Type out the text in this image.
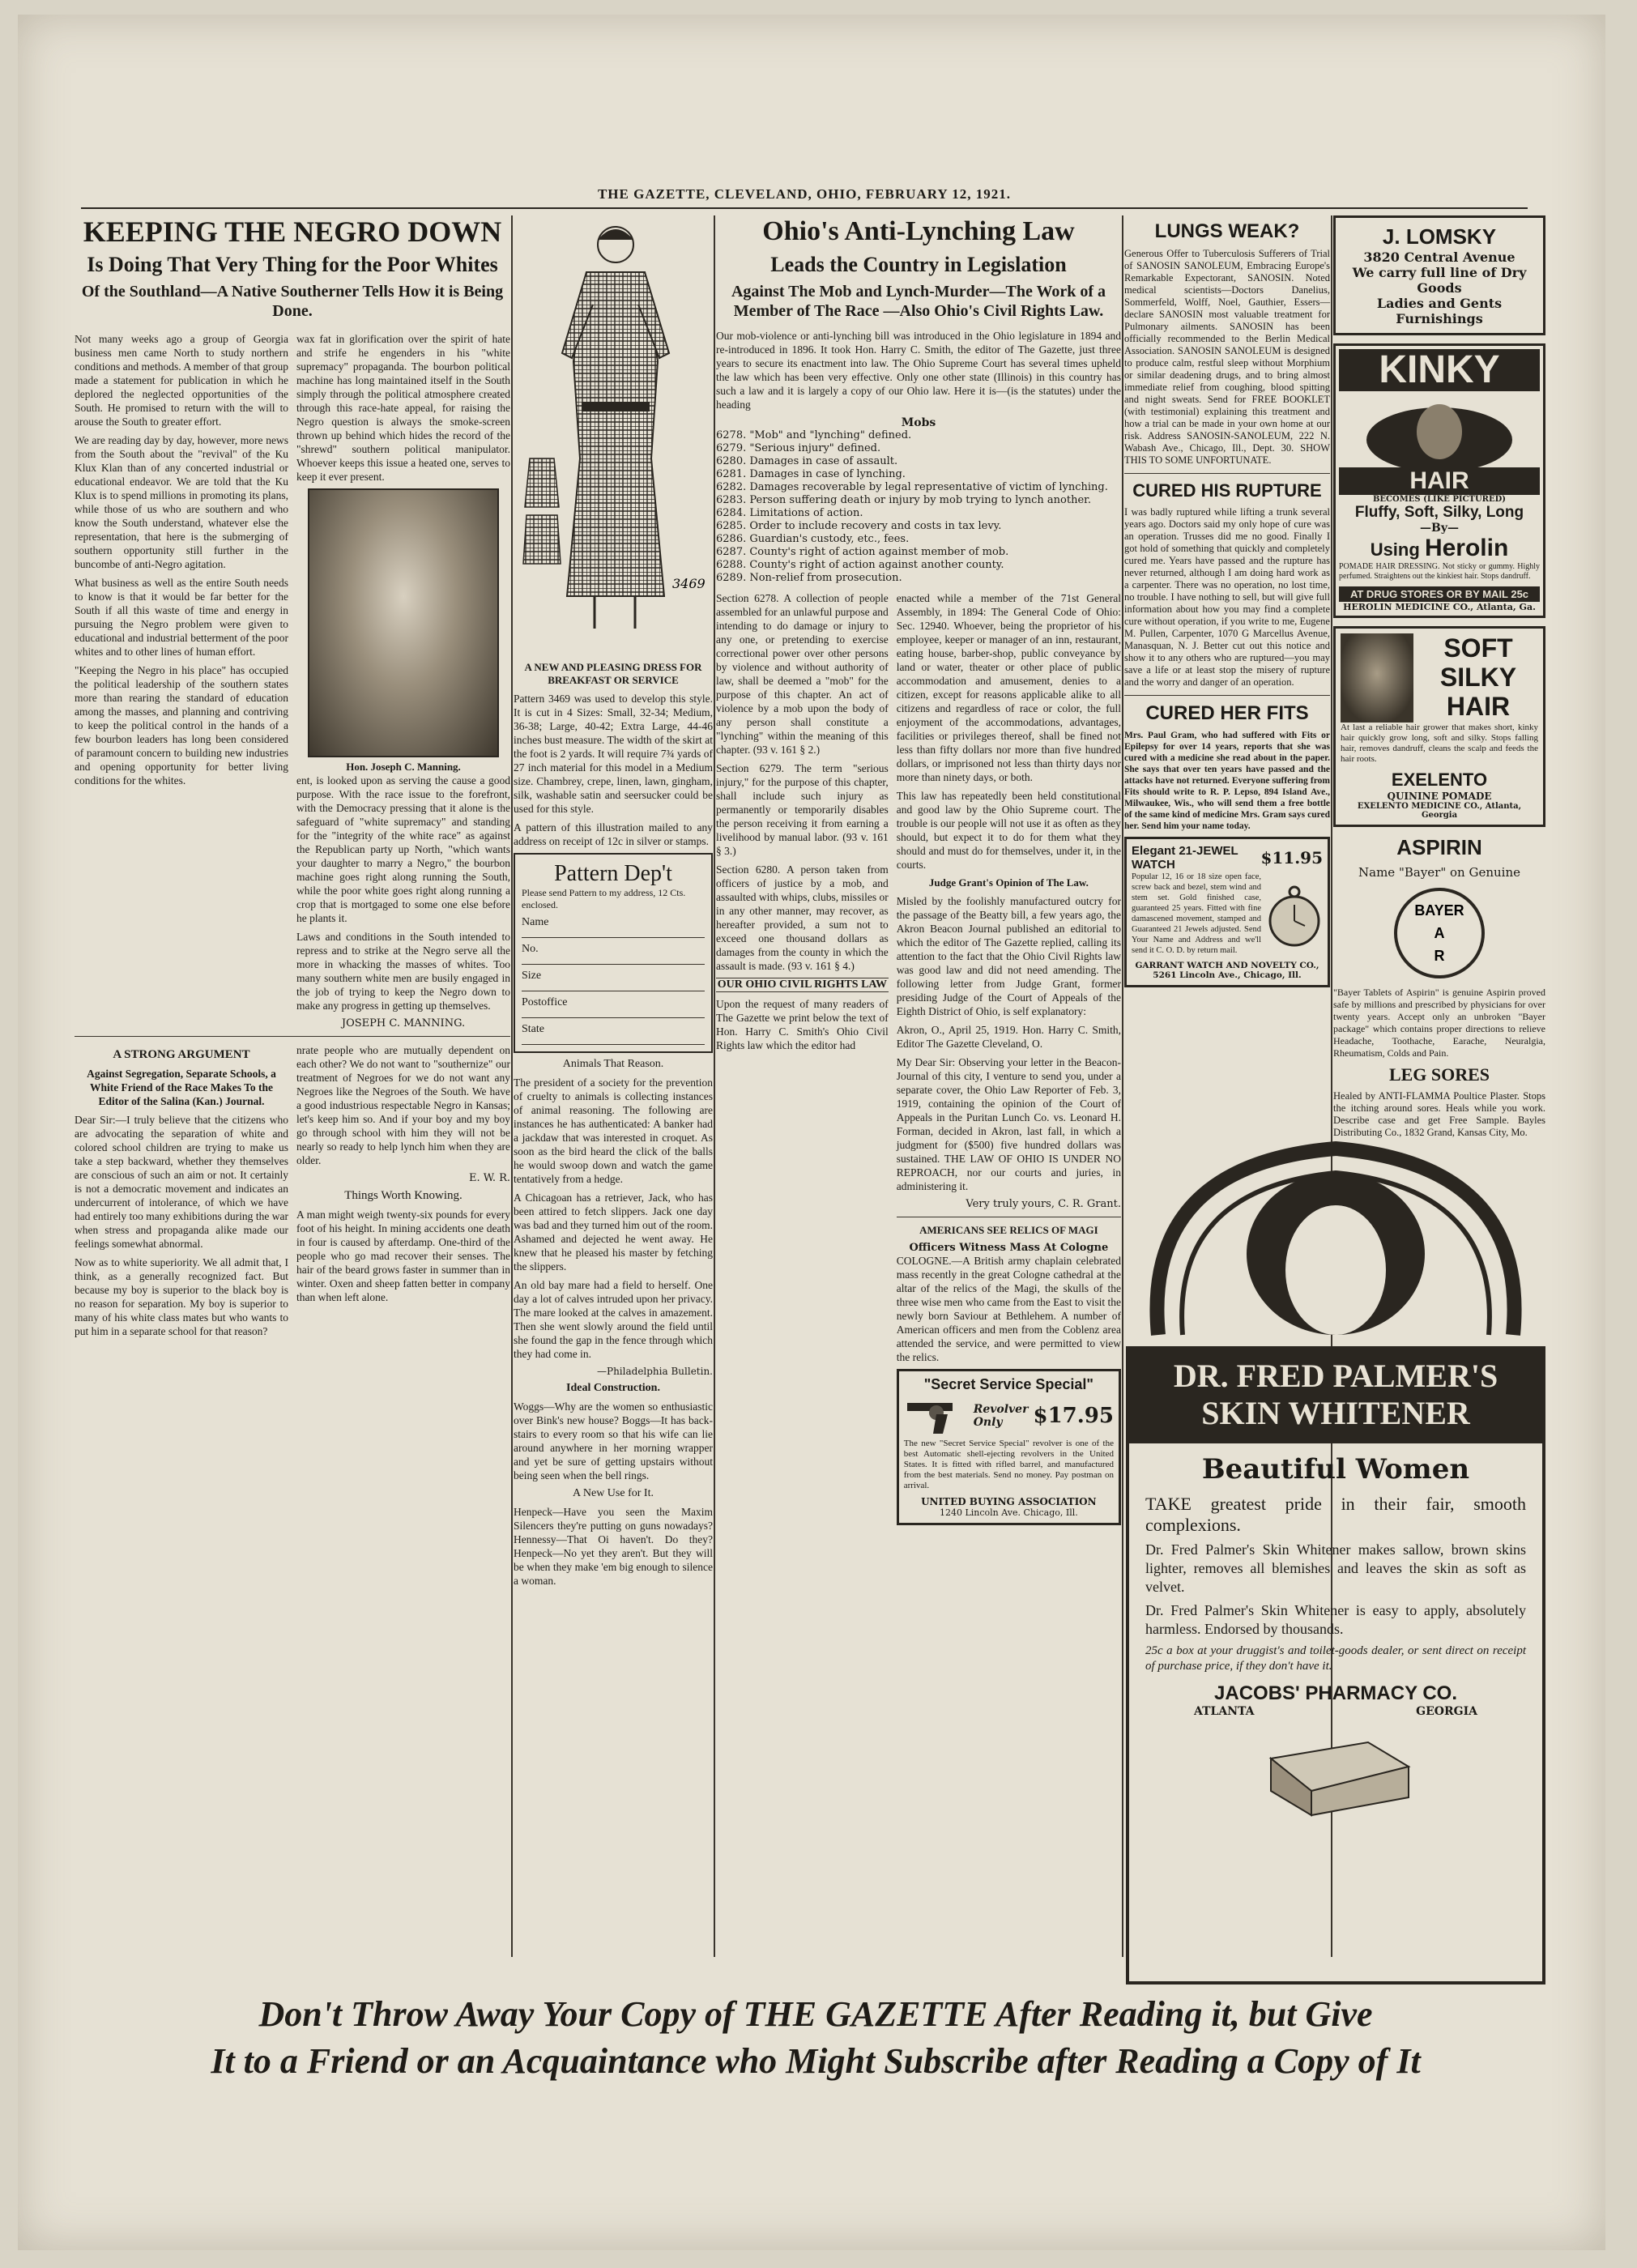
THE GAZETTE, CLEVELAND, OHIO, FEBRUARY 12, 1921.
KEEPING THE NEGRO DOWN
Is Doing That Very Thing for the Poor Whites
Of the Southland—A Native Southerner Tells How it is Being Done.

Not many weeks ago a group of Georgia business men came North to study northern conditions and methods. A member of that group made a statement for publication in which he deplored the neglected opportunities of the South. He promised to return with the will to arouse the South to greater effort.

We are reading day by day, however, more news from the South about the "revival" of the Ku Klux Klan than of any concerted industrial or educational endeavor. We are told that the Ku Klux is to spend millions in promoting its plans, while those of us who are southern and who know the South understand, whatever else the representation, that here is the submerging of southern opportunity still further in the buncombe of anti-Negro agitation.

What business as well as the entire South needs to know is that it would be far better for the South if all this waste of time and energy in pursuing the Negro problem were given to educational and industrial betterment of the poor whites and to other lines of human effort.

"Keeping the Negro in his place" has occupied the political leadership of the southern states more than rearing the standard of education among the masses, and planning and contriving to keep the political control in the hands of a few bourbon leaders has long been considered of paramount concern to building new industries and opening opportunity for better living conditions for the whites.

wax fat in glorification over the spirit of hate and strife he engenders in his "white supremacy" propaganda. The bourbon political machine has long maintained itself in the South simply through the political atmosphere created through this race-hate appeal, for raising the Negro question is always the smoke-screen thrown up behind which hides the record of the "shrewd" southern political manipulator. Whoever keeps this issue a heated one, serves to keep it ever present.

Hon. Joseph C. Manning.

ent, is looked upon as serving the cause a good purpose. With the race issue to the forefront, with the Democracy pressing that it alone is the safeguard of "white supremacy" and standing for the "integrity of the white race" as against the Republican party up North, "which wants your daughter to marry a Negro," the bourbon machine goes right along running the South, while the poor white goes right along running a crop that is mortgaged to some one else before he plants it.

Laws and conditions in the South intended to repress and to strike at the Negro serve all the more in whacking the masses of whites. Too many southern white men are busily engaged in the job of trying to keep the Negro down to make any progress in getting up themselves.

JOSEPH C. MANNING.
A STRONG ARGUMENT

Against Segregation, Separate Schools, a White Friend of the Race Makes To the Editor of the Salina (Kan.) Journal.

Dear Sir:—I truly believe that the citizens who are advocating the separation of white and colored school children are trying to make us take a step backward, whether they themselves are conscious of such an aim or not. It certainly is not a democratic movement and indicates an undercurrent of intolerance, of which we have had entirely too many exhibitions during the war when stress and propaganda alike made our feelings somewhat abnormal.

Now as to white superiority. We all admit that, I think, as a generally recognized fact. But because my boy is superior to the black boy is no reason for separation. My boy is superior to many of his white class mates but who wants to put him in a separate school for that reason?

nrate people who are mutually dependent on each other? We do not want to "southernize" our treatment of Negroes for we do not want any Negroes like the Negroes of the South. We have a good industrious respectable Negro in Kansas; let's keep him so. And if your boy and my boy go through school with him they will not be nearly so ready to help lynch him when they are older.

E. W. R.
Things Worth Knowing.

A man might weigh twenty-six pounds for every foot of his height. In mining accidents one death in four is caused by afterdamp. One-third of the people who go mad recover their senses. The hair of the beard grows faster in summer than in winter. Oxen and sheep fatten better in company than when left alone.

3469
A NEW AND PLEASING DRESS FOR BREAKFAST OR SERVICE

Pattern 3469 was used to develop this style. It is cut in 4 Sizes: Small, 32-34; Medium, 36-38; Large, 40-42; Extra Large, 44-46 inches bust measure. The width of the skirt at the foot is 2 yards. It will require 7¾ yards of 27 inch material for this model in a Medium size. Chambrey, crepe, linen, lawn, gingham, silk, washable satin and seersucker could be used for this style.

A pattern of this illustration mailed to any address on receipt of 12c in silver or stamps.

Pattern Dep't
Please send Pattern to my address, 12 Cts. enclosed.
Name
No.
Size
Postoffice
State
Animals That Reason.

The president of a society for the prevention of cruelty to animals is collecting instances of animal reasoning. The following are instances he has authenticated: A banker had a jackdaw that was interested in croquet. As soon as the bird heard the click of the balls he would swoop down and watch the game tentatively from a hedge.

A Chicagoan has a retriever, Jack, who has been attired to fetch slippers. Jack one day was bad and they turned him out of the room. Ashamed and dejected he went away. He knew that he pleased his master by fetching the slippers.

An old bay mare had a field to herself. One day a lot of calves intruded upon her privacy. The mare looked at the calves in amazement. Then she went slowly around the field until she found the gap in the fence through which they had come in.

—Philadelphia Bulletin.
Ideal Construction.

Woggs—Why are the women so enthusiastic over Bink's new house? Boggs—It has back-stairs to every room so that his wife can lie around anywhere in her morning wrapper and yet be sure of getting upstairs without being seen when the bell rings.

A New Use for It.

Henpeck—Have you seen the Maxim Silencers they're putting on guns nowadays? Hennessy—That Oi haven't. Do they? Henpeck—No yet they aren't. But they will be when they make 'em big enough to silence a woman.

Ohio's Anti-Lynching Law
Leads the Country in Legislation
Against The Mob and Lynch-Murder—The Work of a Member of The Race —Also Ohio's Civil Rights Law.

Our mob-violence or anti-lynching bill was introduced in the Ohio legislature in 1894 and re-introduced in 1896. It took Hon. Harry C. Smith, the editor of The Gazette, just three years to secure its enactment into law. The Ohio Supreme Court has several times upheld the law which has been very effective. Only one other state (Illinois) in this country has such a law and it is largely a copy of our Ohio law. Here it is—(is the statutes) under the heading

Mobs
6278. "Mob" and "lynching" defined.
6279. "Serious injury" defined.
6280. Damages in case of assault.
6281. Damages in case of lynching.
6282. Damages recoverable by legal representative of victim of lynching.
6283. Person suffering death or injury by mob trying to lynch another.
6284. Limitations of action.
6285. Order to include recovery and costs in tax levy.
6286. Guardian's custody, etc., fees.
6287. County's right of action against member of mob.
6288. County's right of action against another county.
6289. Non-relief from prosecution.

Section 6278. A collection of people assembled for an unlawful purpose and intending to do damage or injury to any one, or pretending to exercise correctional power over other persons by violence and without authority of law, shall be deemed a "mob" for the purpose of this chapter. An act of violence by a mob upon the body of any person shall constitute a "lynching" within the meaning of this chapter. (93 v. 161 § 2.)

Section 6279. The term "serious injury," for the purpose of this chapter, shall include such injury as permanently or temporarily disables the person receiving it from earning a livelihood by manual labor. (93 v. 161 § 3.)

Section 6280. A person taken from officers of justice by a mob, and assaulted with whips, clubs, missiles or in any other manner, may recover, as hereafter provided, a sum not to exceed one thousand dollars as damages from the county in which the assault is made. (93 v. 161 § 4.)

OUR OHIO CIVIL RIGHTS LAW

Upon the request of many readers of The Gazette we print below the text of Hon. Harry C. Smith's Ohio Civil Rights law which the editor had

enacted while a member of the 71st General Assembly, in 1894: The General Code of Ohio: Sec. 12940. Whoever, being the proprietor of his employee, keeper or manager of an inn, restaurant, eating house, barber-shop, public conveyance by land or water, theater or other place of public accommodation and amusement, denies to a citizen, except for reasons applicable alike to all citizens and regardless of race or color, the full enjoyment of the accommodations, advantages, facilities or privileges thereof, shall be fined not less than fifty dollars nor more than five hundred dollars, or imprisoned not less than thirty days nor more than ninety days, or both.

This law has repeatedly been held constitutional and good law by the Ohio Supreme court. The trouble is our people will not use it as often as they should, but expect it to do for them what they should and must do for themselves, under it, in the courts.

Judge Grant's Opinion of The Law.

Misled by the foolishly manufactured outcry for the passage of the Beatty bill, a few years ago, the Akron Beacon Journal published an editorial to which the editor of The Gazette replied, calling its attention to the fact that the Ohio Civil Rights law was good law and did not need amending. The following letter from Judge Grant, former presiding Judge of the Court of Appeals of the Eighth District of Ohio, is self explanatory:

Akron, O., April 25, 1919. Hon. Harry C. Smith, Editor The Gazette Cleveland, O.

My Dear Sir: Observing your letter in the Beacon-Journal of this city, I venture to send you, under a separate cover, the Ohio Law Reporter of Feb. 3, 1919, containing the opinion of the Court of Appeals in the Puritan Lunch Co. vs. Leonard H. Forman, decided in Akron, last fall, in which a judgment for ($500) five hundred dollars was sustained. THE LAW OF OHIO IS UNDER NO REPROACH, nor our courts and juries, in administering it.

Very truly yours, C. R. Grant.
AMERICANS SEE RELICS OF MAGI
Officers Witness Mass At Cologne

COLOGNE.—A British army chaplain celebrated mass recently in the great Cologne cathedral at the altar of the relics of the Magi, the skulls of the three wise men who came from the East to visit the newly born Saviour at Bethlehem. A number of American officers and men from the Coblenz area attended the service, and were permitted to view the relics.

"Secret Service Special"
Revolver Only	$17.95

The new "Secret Service Special" revolver is one of the best Automatic shell-ejecting revolvers in the United States. It is fitted with rifled barrel, and manufactured from the best materials. Send no money. Pay postman on arrival.

UNITED BUYING ASSOCIATION
1240 Lincoln Ave. Chicago, Ill.
LUNGS WEAK?

Generous Offer to Tuberculosis Sufferers of Trial of SANOSIN SANOLEUM, Embracing Europe's Remarkable Expectorant, SANOSIN. Noted medical scientists—Doctors Danelius, Sommerfeld, Wolff, Noel, Gauthier, Essers—declare SANOSIN most valuable treatment for Pulmonary ailments. SANOSIN has been officially recommended to the Berlin Medical Association. SANOSIN SANOLEUM is designed to produce calm, restful sleep without Morphium or similar deadening drugs, and to bring almost immediate relief from coughing, blood spitting and night sweats. Send for FREE BOOKLET (with testimonial) explaining this treatment and how a trial can be made in your own home at our risk. Address SANOSIN-SANOLEUM, 222 N. Wabash Ave., Chicago, Ill., Dept. 30. SHOW THIS TO SOME UNFORTUNATE.

CURED HIS RUPTURE

I was badly ruptured while lifting a trunk several years ago. Doctors said my only hope of cure was an operation. Trusses did me no good. Finally I got hold of something that quickly and completely cured me. Years have passed and the rupture has never returned, although I am doing hard work as a carpenter. There was no operation, no lost time, no trouble. I have nothing to sell, but will give full information about how you may find a complete cure without operation, if you write to me, Eugene M. Pullen, Carpenter, 1070 G Marcellus Avenue, Manasquan, N. J. Better cut out this notice and show it to any others who are ruptured—you may save a life or at least stop the misery of rupture and the worry and danger of an operation.

CURED HER FITS

Mrs. Paul Gram, who had suffered with Fits or Epilepsy for over 14 years, reports that she was cured with a medicine she read about in the paper. She says that over ten years have passed and the attacks have not returned. Everyone suffering from Fits should write to R. P. Lepso, 894 Island Ave., Milwaukee, Wis., who will send them a free bottle of the same kind of medicine Mrs. Gram says cured her. Send him your name today.

Elegant 21-JEWEL WATCH	$11.95

Popular 12, 16 or 18 size open face, screw back and bezel, stem wind and stem set. Gold finished case, guaranteed 25 years. Fitted with fine damascened movement, stamped and Guaranteed 21 Jewels adjusted. Send Your Name and Address and we'll send it C. O. D. by return mail.

GARRANT WATCH AND NOVELTY CO., 5261 Lincoln Ave., Chicago, Ill.
J. LOMSKY
3820 Central Avenue
We carry full line of Dry Goods
Ladies and Gents Furnishings
KINKY
HAIR
BECOMES (LIKE PICTURED)
Fluffy, Soft, Silky, Long
—By—
Using Herolin

POMADE HAIR DRESSING. Not sticky or gummy. Highly perfumed. Straightens out the kinkiest hair. Stops dandruff.

AT DRUG STORES OR BY MAIL 25c
HEROLIN MEDICINE CO., Atlanta, Ga.
SOFT SILKY HAIR

At last a reliable hair grower that makes short, kinky hair quickly grow long, soft and silky. Stops falling hair, removes dandruff, cleans the scalp and feeds the hair roots.

EXELENTO
QUININE POMADE
EXELENTO MEDICINE CO., Atlanta, Georgia
ASPIRIN
Name "Bayer" on Genuine
BAYER
A
R

"Bayer Tablets of Aspirin" is genuine Aspirin proved safe by millions and prescribed by physicians for over twenty years. Accept only an unbroken "Bayer package" which contains proper directions to relieve Headache, Toothache, Earache, Neuralgia, Rheumatism, Colds and Pain.

LEG SORES

Healed by ANTI-FLAMMA Poultice Plaster. Stops the itching around sores. Heals while you work. Describe case and get Free Sample. Bayles Distributing Co., 1832 Grand, Kansas City, Mo.

DR. FRED PALMER'S
SKIN WHITENER
Beautiful Women

TAKE greatest pride in their fair, smooth complexions.

Dr. Fred Palmer's Skin Whitener makes sallow, brown skins lighter, removes all blemishes and leaves the skin as soft as velvet.

Dr. Fred Palmer's Skin Whitener is easy to apply, absolutely harmless. Endorsed by thousands.

25c a box at your druggist's and toilet-goods dealer, or sent direct on receipt of purchase price, if they don't have it.

JACOBS' PHARMACY CO.
ATLANTA	GEORGIA
Don't Throw Away Your Copy of THE GAZETTE After Reading it, but Give
It to a Friend or an Acquaintance who Might Subscribe after Reading a Copy of It
